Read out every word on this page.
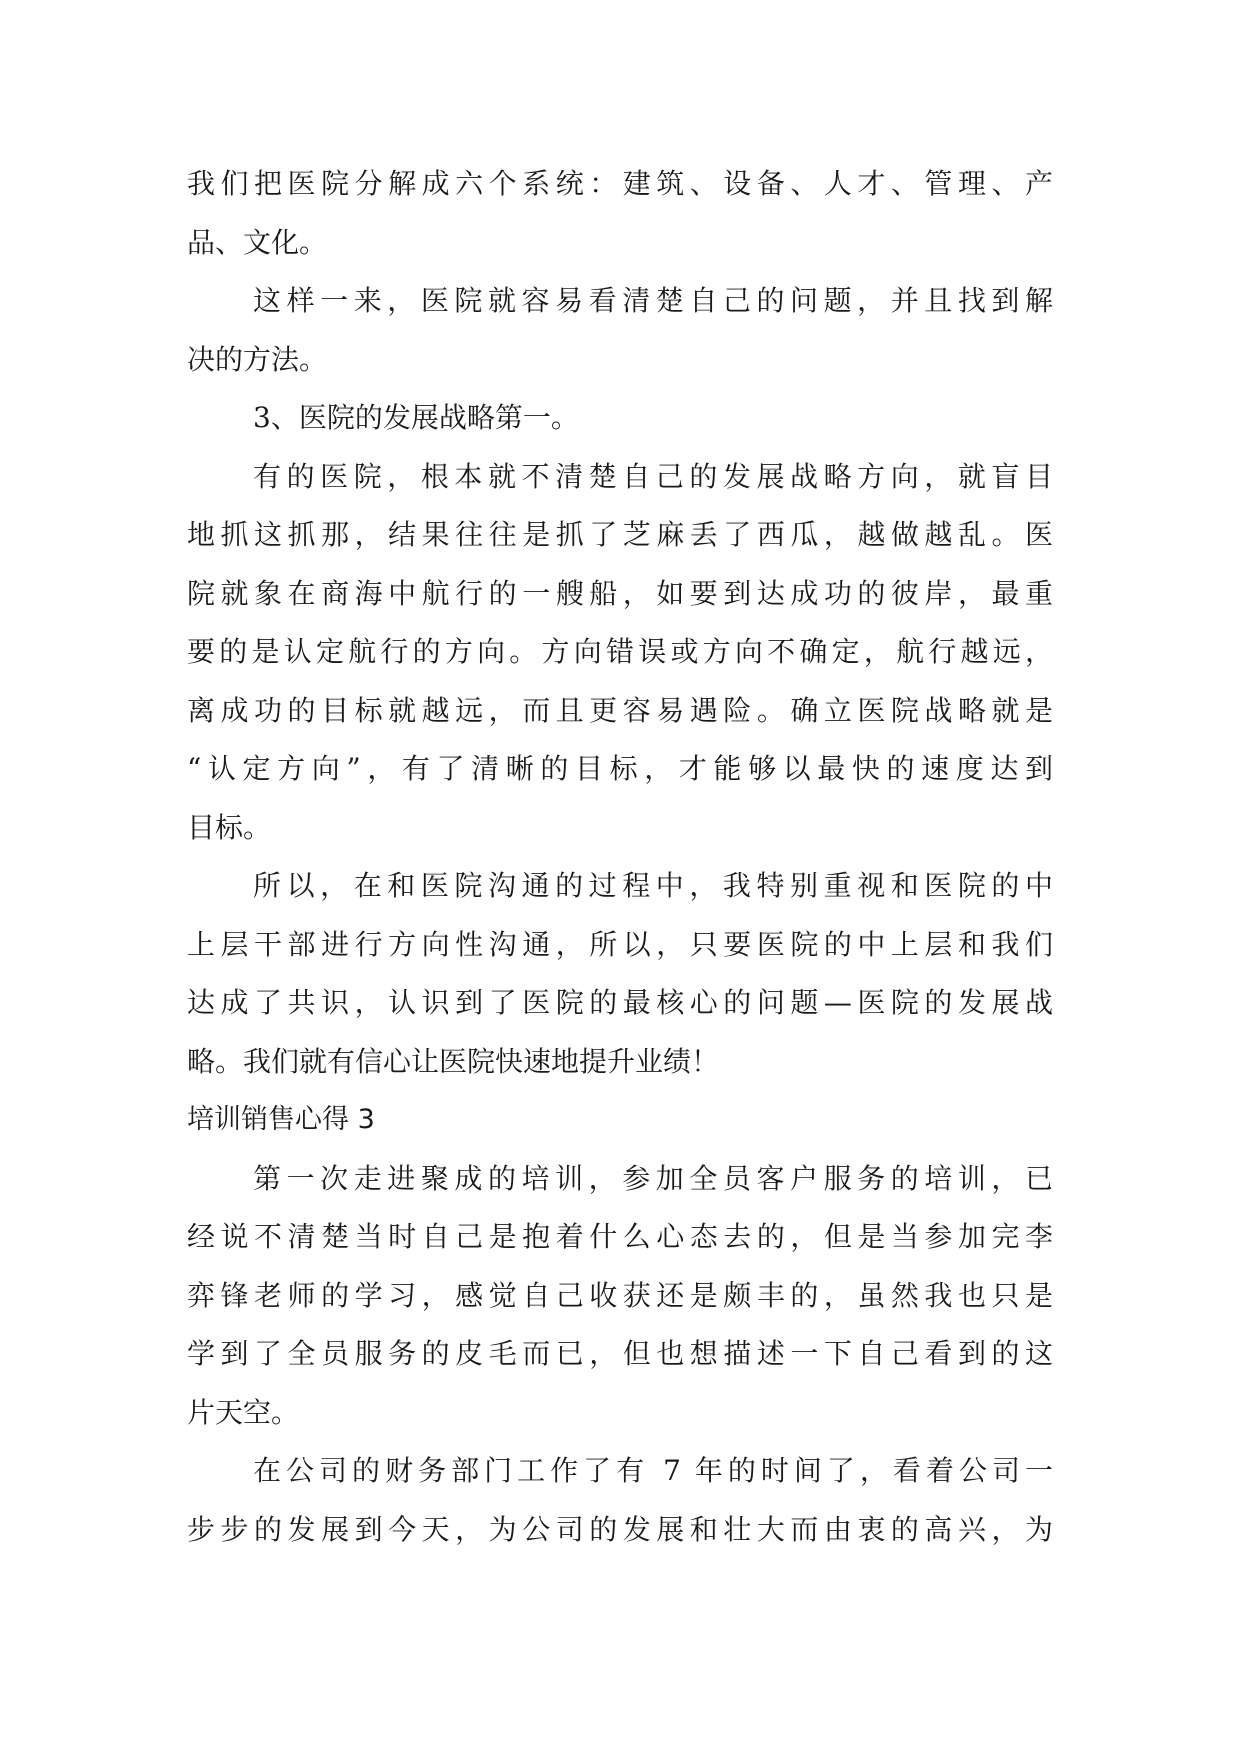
我们把医院分解成六个系统：建筑、设备、人才、管理、产
品、文化。
这样一来，医院就容易看清楚自己的问题，并且找到解
决的方法。
3、医院的发展战略第一。
有的医院，根本就不清楚自己的发展战略方向，就盲目
地抓这抓那，结果往往是抓了芝麻丢了西瓜，越做越乱。医
院就象在商海中航行的一艘船，如要到达成功的彼岸，最重
要的是认定航行的方向。方向错误或方向不确定，航行越远，
离成功的目标就越远，而且更容易遇险。确立医院战略就是
“认定方向”，有了清晰的目标，才能够以最快的速度达到
目标。
所以，在和医院沟通的过程中，我特别重视和医院的中
上层干部进行方向性沟通，所以，只要医院的中上层和我们
达成了共识，认识到了医院的最核心的问题—医院的发展战
略。我们就有信心让医院快速地提升业绩！
培训销售心得 3
第一次走进聚成的培训，参加全员客户服务的培训，已
经说不清楚当时自己是抱着什么心态去的，但是当参加完李
弈锋老师的学习，感觉自己收获还是颇丰的，虽然我也只是
学到了全员服务的皮毛而已，但也想描述一下自己看到的这
片天空。
在公司的财务部门工作了有 7 年的时间了，看着公司一
步步的发展到今天，为公司的发展和壮大而由衷的高兴，为
